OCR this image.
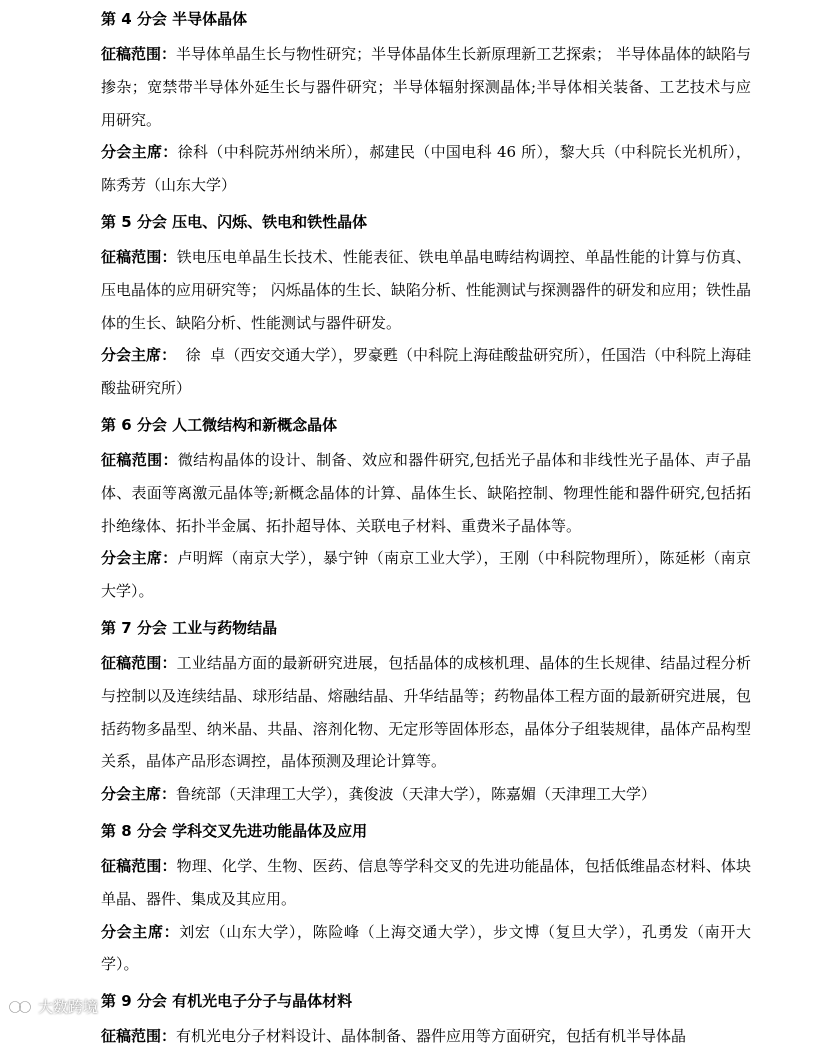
第 4 分会 半导体晶体

征稿范围：半导体单晶生长与物性研究；半导体晶体生长新原理新工艺探索； 半导体晶体的缺陷与掺杂；宽禁带半导体外延生长与器件研究；半导体辐射探测晶体;半导体相关装备、工艺技术与应用研究。

分会主席：徐科（中科院苏州纳米所），郝建民（中国电科 46 所），黎大兵（中科院长光机所），陈秀芳（山东大学）

第 5 分会 压电、闪烁、铁电和铁性晶体

征稿范围：铁电压电单晶生长技术、性能表征、铁电单晶电畴结构调控、单晶性能的计算与仿真、压电晶体的应用研究等； 闪烁晶体的生长、缺陷分析、性能测试与探测器件的研发和应用；铁性晶体的生长、缺陷分析、性能测试与器件研发。

分会主席：  徐  卓（西安交通大学），罗豪甦（中科院上海硅酸盐研究所），任国浩（中科院上海硅酸盐研究所）

第 6 分会 人工微结构和新概念晶体

征稿范围：微结构晶体的设计、制备、效应和器件研究,包括光子晶体和非线性光子晶体、声子晶体、表面等离激元晶体等;新概念晶体的计算、晶体生长、缺陷控制、物理性能和器件研究,包括拓扑绝缘体、拓扑半金属、拓扑超导体、关联电子材料、重费米子晶体等。

分会主席：卢明辉（南京大学），暴宁钟（南京工业大学），王刚（中科院物理所），陈延彬（南京大学）。

第 7 分会 工业与药物结晶

征稿范围：工业结晶方面的最新研究进展，包括晶体的成核机理、晶体的生长规律、结晶过程分析与控制以及连续结晶、球形结晶、熔融结晶、升华结晶等；药物晶体工程方面的最新研究进展，包括药物多晶型、纳米晶、共晶、溶剂化物、无定形等固体形态，晶体分子组装规律，晶体产品构型关系，晶体产品形态调控，晶体预测及理论计算等。

分会主席：鲁统部（天津理工大学），龚俊波（天津大学），陈嘉媚（天津理工大学）

第 8 分会 学科交叉先进功能晶体及应用

征稿范围：物理、化学、生物、医药、信息等学科交叉的先进功能晶体，包括低维晶态材料、体块单晶、器件、集成及其应用。

分会主席：刘宏（山东大学），陈险峰（上海交通大学），步文博（复旦大学），孔勇发（南开大学）。

第 9 分会 有机光电子分子与晶体材料

征稿范围：有机光电分子材料设计、晶体制备、器件应用等方面研究，包括有机半导体晶

大数跨境
